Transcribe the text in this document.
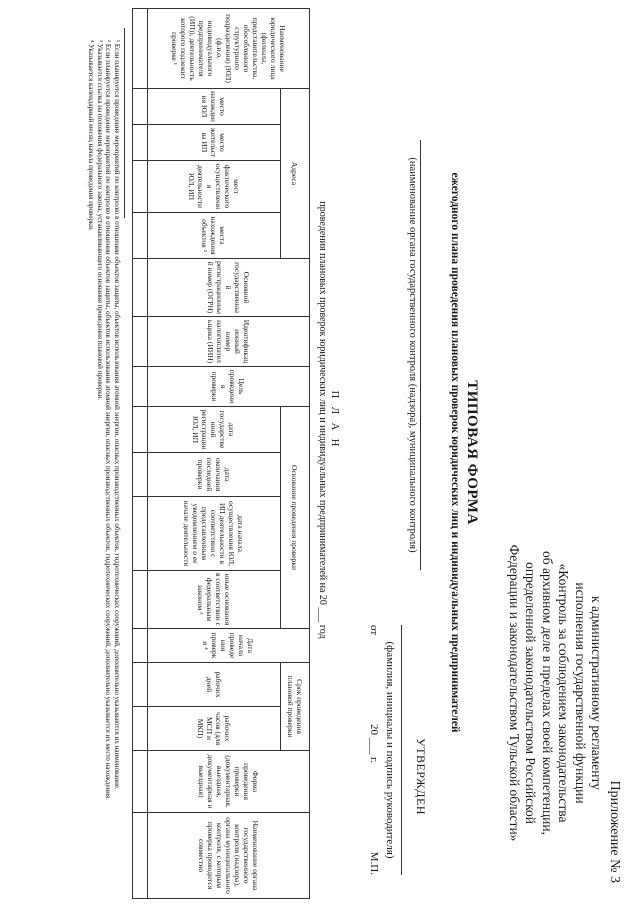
Приложение № 3
к административному регламенту
исполнения государственной функции
«Контроль за соблюдением законодательства
об архивном деле в пределах своей компетенции,
определенной законодательством Российской
Федерации и законодательством Тульской области»
ТИПОВАЯ ФОРМА
ежегодного плана проведения плановых проверок юридических лиц и индивидуальных предпринимателей
(наименование органа государственного контроля (надзора), муниципального контроля)
УТВЕРЖДЕН
(фамилия, инициалы и подпись руководителя)
от
20 ___ г.
М.П.
П Л А Н
проведения плановых проверок юридических лиц и индивидуальных предпринимателей на 20 ___ год
Наименование юридического лица (филиала, представительства, обособленного структурного подразделения) (ЮЛ) (ф.и.о. индивидуального предпринимателя (ИП)), деятельность которого подлежит проверке ¹	Адреса				Основной государственный регистрационный номер (ОГРН)	Идентификационный номер налогоплательщика (ИНН)	Цель проведения проверки	Основание проведения проверки				Дата начала проведения проверки ⁴	Срок проведения плановой проверки		Форма проведения проверки (документарная, выездная, документарная и выездная)	Наименование органа государственного контроля (надзора), органа муниципального контроля, с которым проверка проводится совместно
	место нахождения ЮЛ	место жительства ИП	мест фактического осуществления деятельности ЮЛ, ИП	места нахождения объектов ²				дата государственной регистрации ЮЛ, ИП	дата окончания последней проверки	дата начала осуществления ЮЛ, ИП деятельности в соответствии с представленным уведомлением о ее начале деятельности	иные основания в соответствии с федеральным законом ³		рабочих дней	рабочих часов (для МСП и МКП)		

¹ Если планируется проведение мероприятий по контролю в отношении объектов защиты, объектов использования атомной энергии, опасных производственных объектов, гидротехнических сооружений, дополнительно указываются их наименование.

² Если планируется проведение мероприятий по контролю в отношении объектов защиты, объектов использования атомной энергии, опасных производственных объектов, гидротехнических сооружений, дополнительно указывается их место нахождения.

³ Указывается ссылка на положения федерального закона, устанавливающего основания проведения плановой проверки.

⁴ Указывается календарный месяц начала проведения проверки.
